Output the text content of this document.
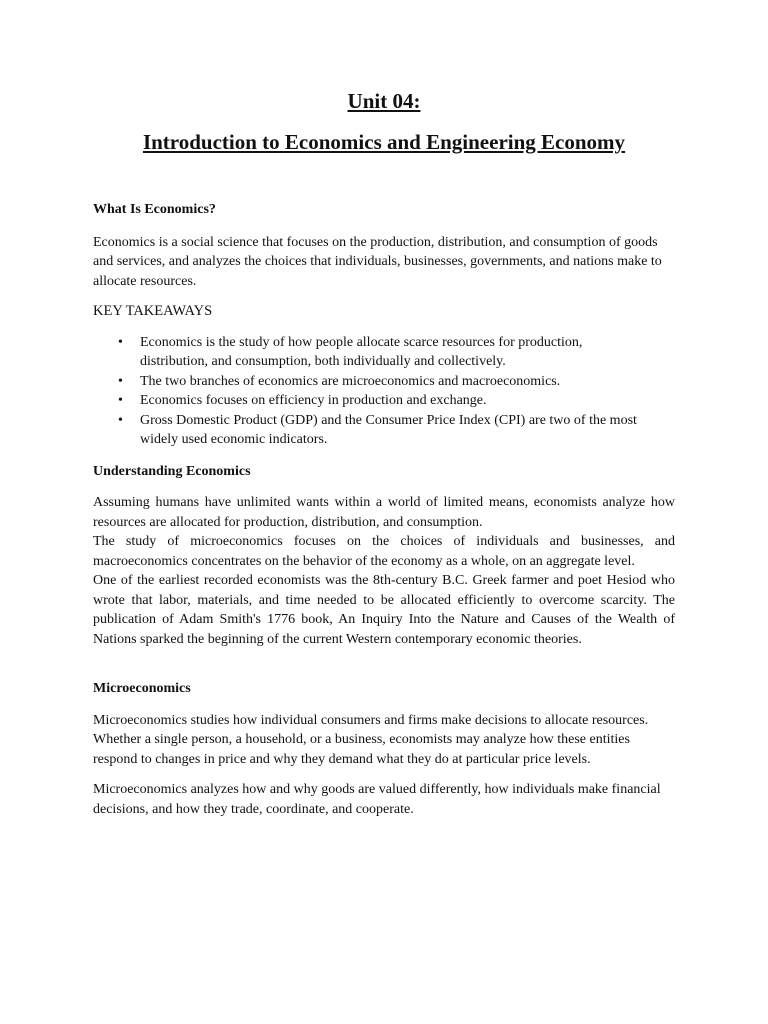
Unit 04:
Introduction to Economics and Engineering Economy

What Is Economics?

Economics is a social science that focuses on the production, distribution, and consumption of goods and services, and analyzes the choices that individuals, businesses, governments, and nations make to allocate resources.

KEY TAKEAWAYS

• Economics is the study of how people allocate scarce resources for production, distribution, and consumption, both individually and collectively.
• The two branches of economics are microeconomics and macroeconomics.
• Economics focuses on efficiency in production and exchange.
• Gross Domestic Product (GDP) and the Consumer Price Index (CPI) are two of the most widely used economic indicators.

Understanding Economics

Assuming humans have unlimited wants within a world of limited means, economists analyze how resources are allocated for production, distribution, and consumption.

The study of microeconomics focuses on the choices of individuals and businesses, and macroeconomics concentrates on the behavior of the economy as a whole, on an aggregate level.

One of the earliest recorded economists was the 8th-century B.C. Greek farmer and poet Hesiod who wrote that labor, materials, and time needed to be allocated efficiently to overcome scarcity. The publication of Adam Smith's 1776 book, An Inquiry Into the Nature and Causes of the Wealth of Nations sparked the beginning of the current Western contemporary economic theories.

Microeconomics

Microeconomics studies how individual consumers and firms make decisions to allocate resources. Whether a single person, a household, or a business, economists may analyze how these entities respond to changes in price and why they demand what they do at particular price levels.

Microeconomics analyzes how and why goods are valued differently, how individuals make financial decisions, and how they trade, coordinate, and cooperate.
